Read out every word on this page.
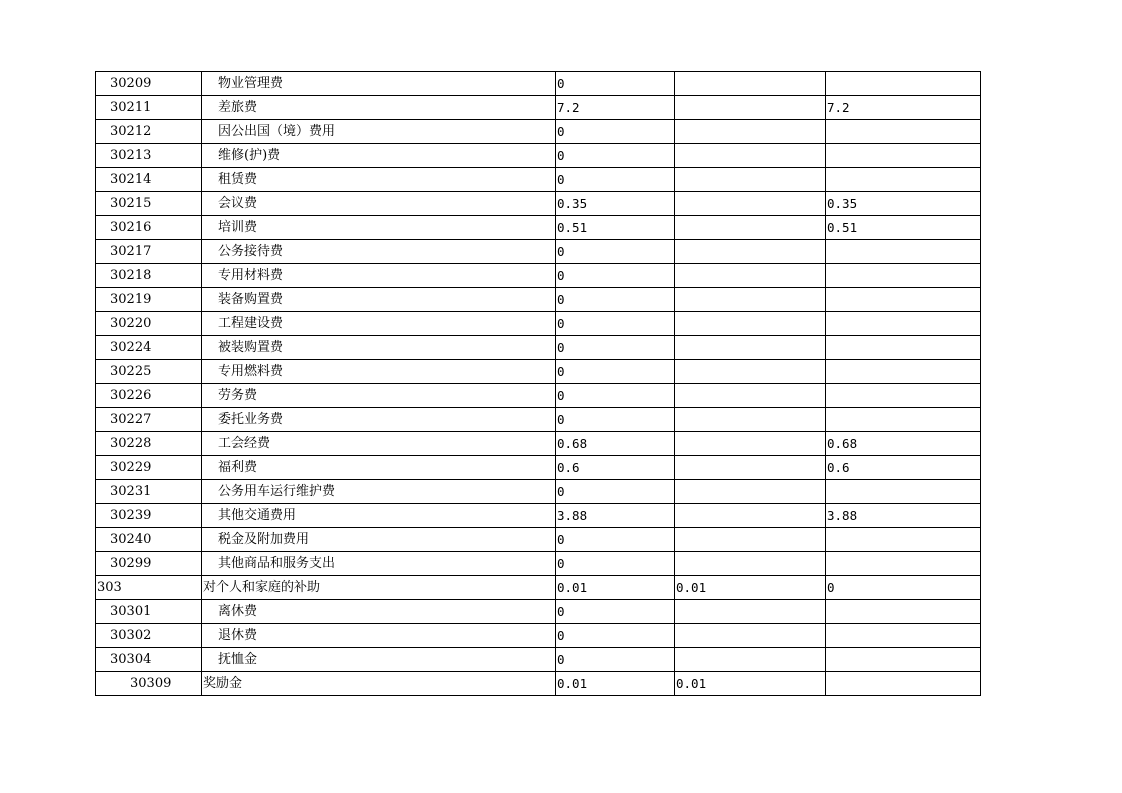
30209	物业管理费	0		
30211	差旅费	7.2		7.2
30212	因公出国（境）费用	0		
30213	维修(护)费	0		
30214	租赁费	0		
30215	会议费	0.35		0.35
30216	培训费	0.51		0.51
30217	公务接待费	0		
30218	专用材料费	0		
30219	装备购置费	0		
30220	工程建设费	0		
30224	被装购置费	0		
30225	专用燃料费	0		
30226	劳务费	0		
30227	委托业务费	0		
30228	工会经费	0.68		0.68
30229	福利费	0.6		0.6
30231	公务用车运行维护费	0		
30239	其他交通费用	3.88		3.88
30240	税金及附加费用	0		
30299	其他商品和服务支出	0		
303	对个人和家庭的补助	0.01	0.01	0
30301	离休费	0		
30302	退休费	0		
30304	抚恤金	0		
30309	奖励金	0.01	0.01	
